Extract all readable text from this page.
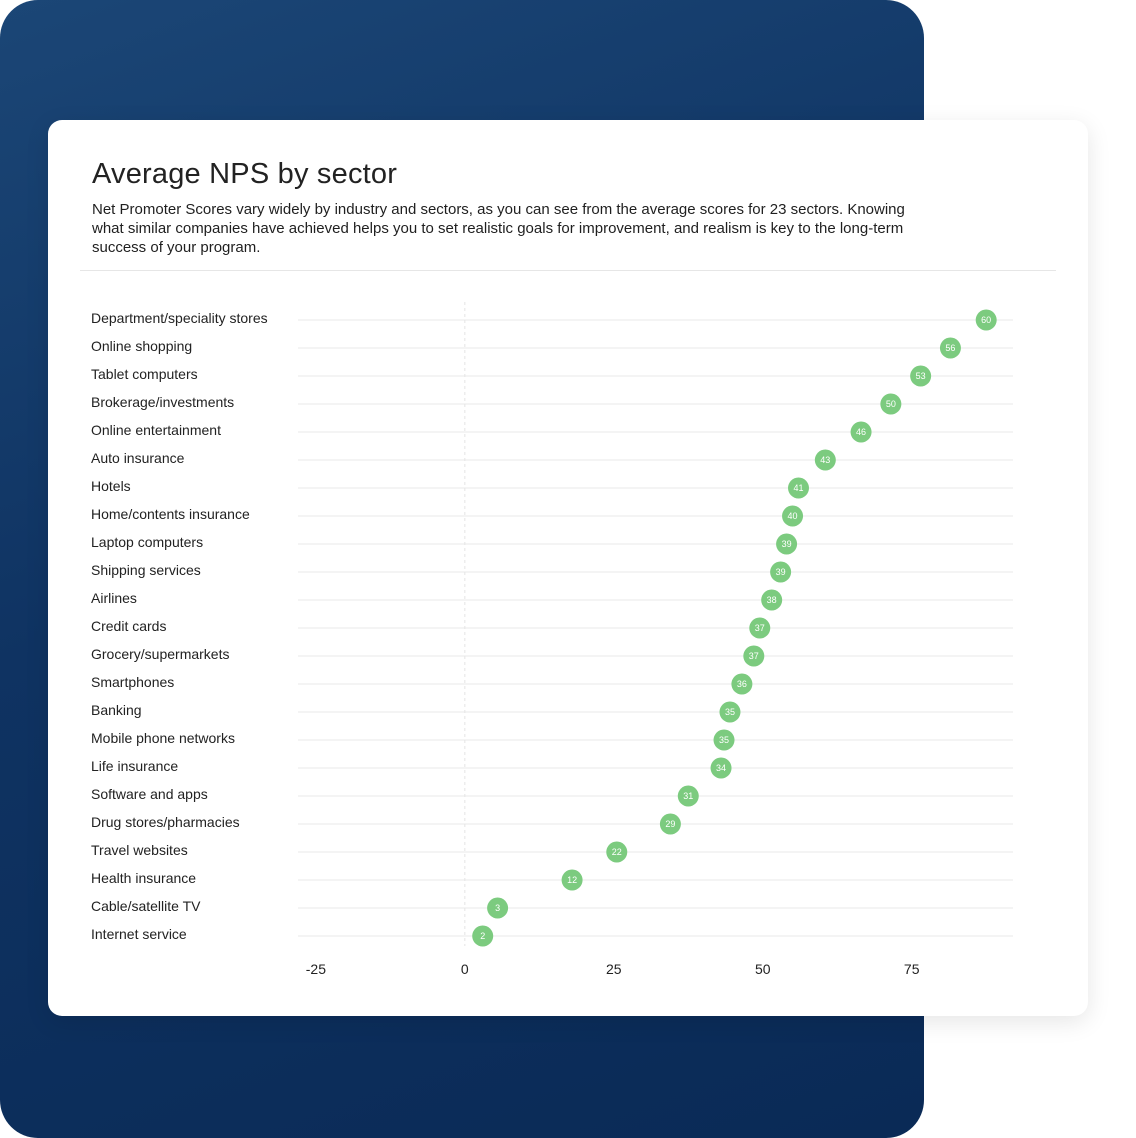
Average NPS by sector

Net Promoter Scores vary widely by industry and sectors, as you can see from the average scores for 23 sectors. Knowing what similar companies have achieved helps you to set realistic goals for improvement, and realism is key to the long-term success of your program.

Department/speciality stores	60
Online shopping	56
Tablet computers	53
Brokerage/investments	50
Online entertainment	46
Auto insurance	43
Hotels	41
Home/contents insurance	40
Laptop computers	39
Shipping services	39
Airlines	38
Credit cards	37
Grocery/supermarkets	37
Smartphones	36
Banking	35
Mobile phone networks	35
Life insurance	34
Software and apps	31
Drug stores/pharmacies	29
Travel websites	22
Health insurance	12
Cable/satellite TV	3
Internet service	2
-25	0	25	50	75
